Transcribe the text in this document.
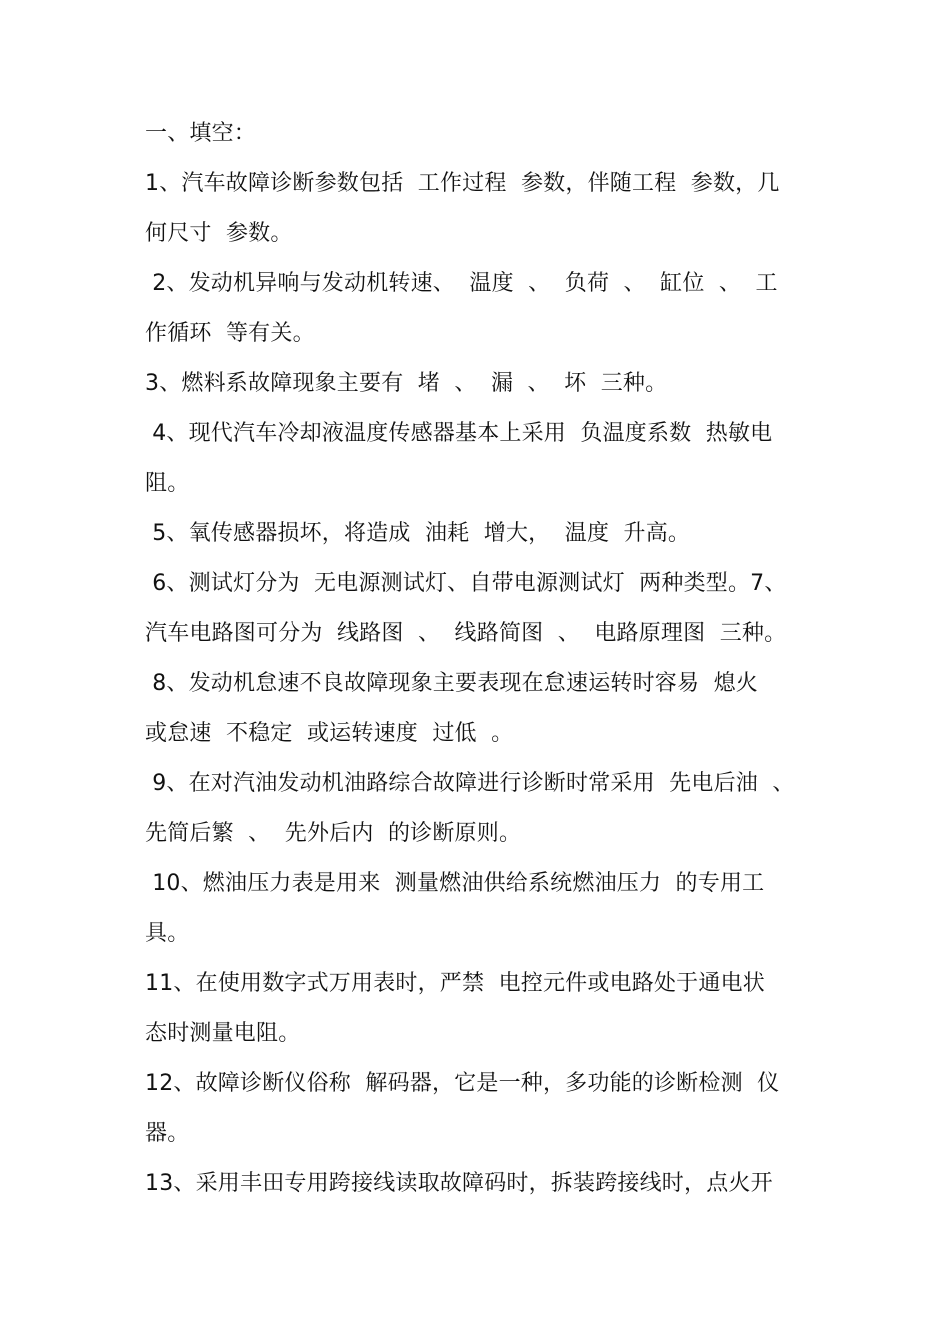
一、填空：
1、汽车故障诊断参数包括  工作过程  参数，伴随工程  参数，几
何尺寸  参数。
2、发动机异响与发动机转速、  温度  、  负荷  、  缸位  、  工
作循环  等有关。
3、燃料系故障现象主要有  堵  、  漏  、  坏  三种。
4、现代汽车冷却液温度传感器基本上采用  负温度系数  热敏电
阻。
5、氧传感器损坏，将造成  油耗  增大，  温度  升高。
6、测试灯分为  无电源测试灯、自带电源测试灯  两种类型。7、
汽车电路图可分为  线路图  、  线路简图  、  电路原理图  三种。
8、发动机怠速不良故障现象主要表现在怠速运转时容易  熄火
或怠速  不稳定  或运转速度  过低  。
9、在对汽油发动机油路综合故障进行诊断时常采用  先电后油  、
先简后繁  、  先外后内  的诊断原则。
10、燃油压力表是用来  测量燃油供给系统燃油压力  的专用工
具。
11、在使用数字式万用表时，严禁  电控元件或电路处于通电状
态时测量电阻。
12、故障诊断仪俗称  解码器，它是一种，多功能的诊断检测  仪
器。
13、采用丰田专用跨接线读取故障码时，拆装跨接线时，点火开
